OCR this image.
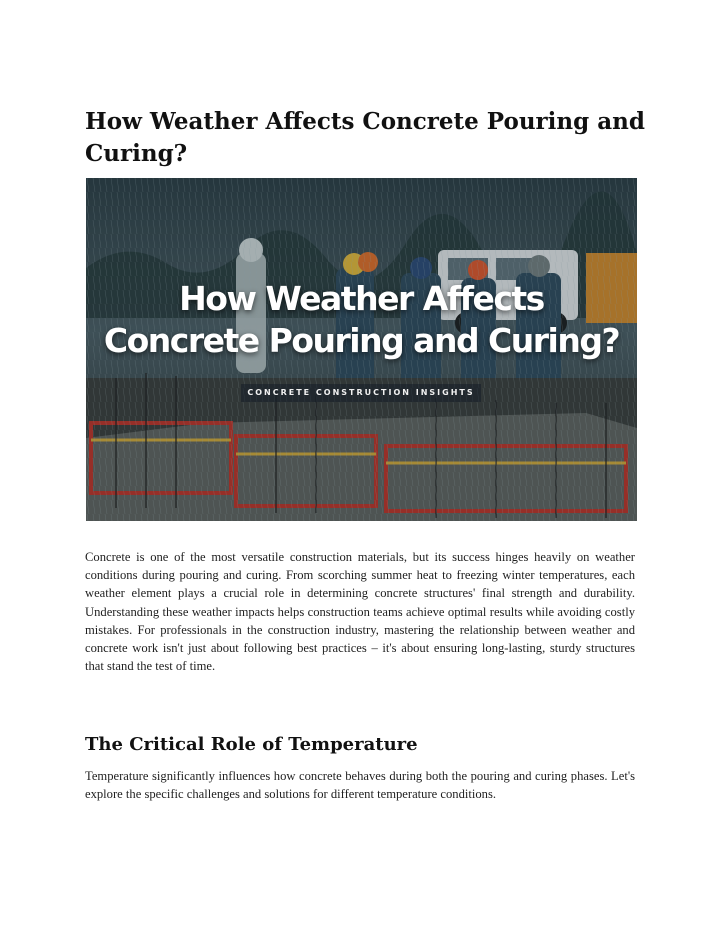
How Weather Affects Concrete Pouring and Curing?
How Weather Affects
Concrete Pouring and Curing?
CONCRETE CONSTRUCTION INSIGHTS

Concrete is one of the most versatile construction materials, but its success hinges heavily on weather conditions during pouring and curing. From scorching summer heat to freezing winter temperatures, each weather element plays a crucial role in determining concrete structures' final strength and durability. Understanding these weather impacts helps construction teams achieve optimal results while avoiding costly mistakes. For professionals in the construction industry, mastering the relationship between weather and concrete work isn't just about following best practices – it's about ensuring long-lasting, sturdy structures that stand the test of time.

The Critical Role of Temperature

Temperature significantly influences how concrete behaves during both the pouring and curing phases. Let's explore the specific challenges and solutions for different temperature conditions.
